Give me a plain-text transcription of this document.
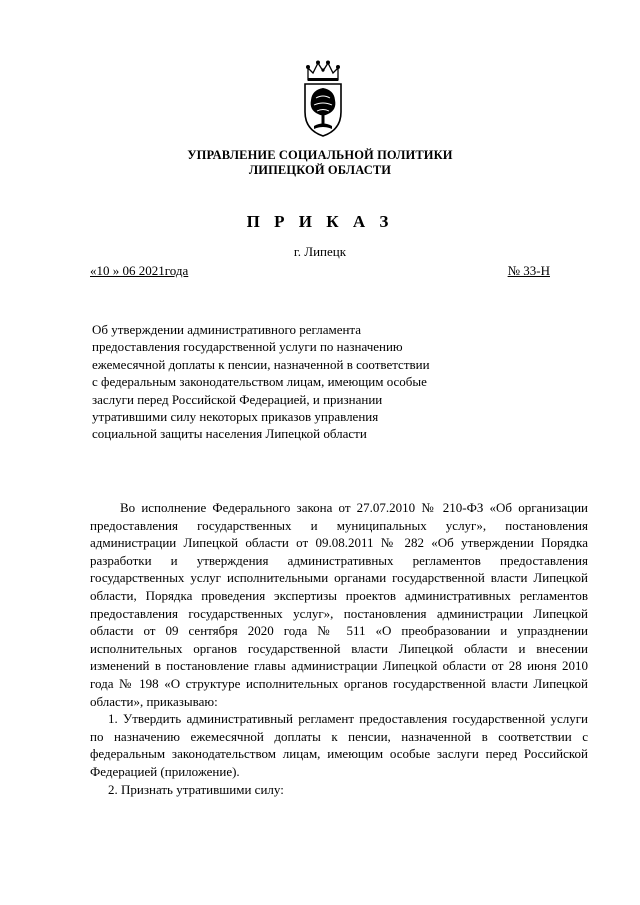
УПРАВЛЕНИЕ СОЦИАЛЬНОЙ ПОЛИТИКИ
ЛИПЕЦКОЙ ОБЛАСТИ
П Р И К А З
г. Липецк
«10 » 06 2021года	№ 33-Н
Об утверждении административного регламента предоставления государственной услуги по назначению ежемесячной доплаты к пенсии, назначенной в соответствии с федеральным законодательством лицам, имеющим особые заслуги перед Российской Федерацией, и признании утратившими силу некоторых приказов управления социальной защиты населения Липецкой области

Во исполнение Федерального закона от 27.07.2010 № 210-ФЗ «Об организации предоставления государственных и муниципальных услуг», постановления администрации Липецкой области от 09.08.2011 № 282 «Об утверждении Порядка разработки и утверждения административных регламентов предоставления государственных услуг исполнительными органами государственной власти Липецкой области, Порядка проведения экспертизы проектов административных регламентов предоставления государственных услуг», постановления администрации Липецкой области от 09 сентября 2020 года № 511 «О преобразовании и упразднении исполнительных органов государственной власти Липецкой области и внесении изменений в постановление главы администрации Липецкой области от 28 июня 2010 года № 198 «О структуре исполнительных органов государственной власти Липецкой области», приказываю:

1. Утвердить административный регламент предоставления государственной услуги по назначению ежемесячной доплаты к пенсии, назначенной в соответствии с федеральным законодательством лицам, имеющим особые заслуги перед Российской Федерацией (приложение).
2. Признать утратившими силу:
